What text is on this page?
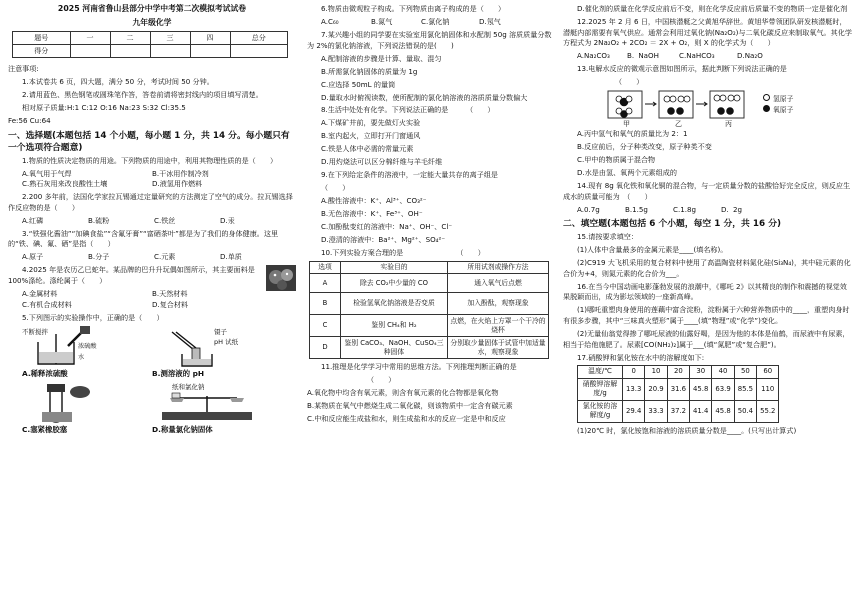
2025 河南省鲁山县部分中学中考第二次模拟考试试卷
九年级化学
题号	一	二	三	四	总分
得分					
注意事项:
1.本试卷共 6 页，四大题，满分 50 分，考试时间 50 分钟。
2.请用蓝色、黑色钢笔或圆珠笔作答，答卷前请将密封线内的项目填写清楚。
相对原子质量:H:1 C:12 O:16 Na:23 S:32 Cl:35.5
Fe:56 Cu:64
一、选择题(本题包括 14 个小题，每小题 1 分，共 14 分。每小题只有一个选项符合题意)
1.物质的性质决定物质的用途。下列物质的用途中，利用其物理性质的是（　　）
A.氧气用于气焊	B.干冰用作制冷剂
C.熟石灰用来改良酸性土壤	D.液氢用作燃料
2.200 多年前，法国化学家拉瓦锡通过定量研究的方法测定了空气的成分。拉瓦锡选择作反应物的是（　　）
A.红磷	B.硫粉	C.铁丝	D.汞
3.“铁强化酱油”“加碘食盐”“含氟牙膏”“富硒茶叶”都是为了我们的身体健康。这里的“铁、碘、氟、硒”是指（　　）
A.原子	B.分子	C.元素	D.单质
4.2025 年是农历乙巳蛇年。某品牌的巴升升玩偶如图所示，其主要面料是 100%涤纶。涤纶属于（　　）
A.金属材料	B.天然材料
C.有机合成材料	D.复合材料
5.下列图示的实验操作中，正确的是（　　）
不断搅拌
浓硫酸
水
A.稀释浓硫酸
镊子
pH 试纸
B.测溶液的 pH
C.塞紧橡胶塞
纸和氯化钠
D.称量氯化钠固体
6.物质由微观粒子构成。下列物质由离子构成的是（　　）
A.C₆₀	B.氮气	C.氯化钠	D.氖气
7.某兴趣小组的同学要在实验室用氯化钠固体和水配制 50g 溶质质量分数为 2%的氯化钠溶液，下列说法错误的是(　　)
A.配制溶液的步骤是计算、量取、混匀
B.所需氯化钠固体的质量为 1g
C.应选择 50mL 的量筒
D.量取水时俯视读数，使所配制的氯化钠溶液的溶质质量分数偏大
8.生活中处处有化学。下列说法正确的是　　　（　　）
A.下煤矿井前，要先做灯火实验
B.室内起火，立即打开门窗通风
C.铁是人体中必需的常量元素
D.用灼烧法可以区分棉纤维与羊毛纤维
9.在下列给定条件的溶液中，一定能大量共存的离子组是
（　　）
A.酸性溶液中：K⁺、Al³⁺、CO₃²⁻
B.无色溶液中：K⁺、Fe³⁺、OH⁻
C.加酚酞变红的溶液中：Na⁺、OH⁻、Cl⁻
D.澄清的溶液中：Ba²⁺、Mg²⁺、SO₄²⁻
10.下列实验方案合理的是　　　　　　　　（　　）
选项	实验目的	所用试剂或操作方法
A	除去 CO₂中少量的 CO	通入氧气后点燃
B	检验氢氧化钠溶液是否变质	加入酚酞，观察现象
C	鉴别 CH₄和 H₂	点燃，在火焰上方罩一个干冷的烧杯
D	鉴别 CaCO₃、NaOH、CuSO₄三种固体	分别取少量固体于试管中加适量水，观察现象
11.推理是化学学习中常用的思维方法。下列推理判断正确的是
（　　）
A.氧化物中均含有氧元素，则含有氧元素的化合物都是氧化物
B.某物质在氧气中燃烧生成二氧化碳，则该物质中一定含有碳元素
C.中和反应能生成盐和水，则生成盐和水的反应一定是中和反应
D.催化剂的质量在化学反应前后不变，则在化学反应前后质量不变的物质一定是催化剂
12.2025 年 2 月 6 日，中国核潜艇之父黄旭华辞世。黄旭华带领团队研发核潜艇时，潜艇内部需要有氧气供应。通常会利用过氧化钠(Na₂O₂)与二氧化碳反应来制取氧气。其化学方程式为 2Na₂O₂ + 2CO₂ ＝ 2X + O₂，则 X 的化学式为（　　）
A.Na₂CO₃	B. NaOH	C.NaHCO₃	D.Na₂O
13.电解水反应的微观示意图如图所示，据此判断下列说法正确的是
（　　）
氢原子
氧原子
甲	乙	丙
A.丙中氢气和氧气的质量比为 2：1
B.反应前后，分子种类改变，原子种类不变
C.甲中的物质属于混合物
D.水是由氢、氧两个元素组成的
14.现有 8g 氧化铁和氧化铜的混合物，与一定质量分数的盐酸恰好完全反应，则反应生成水的质量可能为　（　　）
A.0.7g	B.1.5g	C.1.8g	D. 2g
二、填空题(本题包括 6 个小题，每空 1 分，共 16 分)
15.请按要求填空：
(1)人体中含量最多的金属元素是____(填名称)。
(2)C919 大飞机采用的复合材料中使用了高温陶瓷材料氮化硅(Si₃N₄)，其中硅元素的化合价为+4，则氮元素的化合价为___。
16.在当今中国动画电影蓬勃发展的浪潮中，《哪吒 2》以其精良的制作和震撼的视觉效果脱颖而出，成为影坛领域的一座新高峰。
(1)哪吒重塑肉身使用的莲藕中富含淀粉，淀粉属于六种营养物质中的____，重塑肉身时有很多步骤，其中“三味真火塑形”属于____(填“物理”或“化学”)变化。
(2)无量仙翁觉得掺了哪吒尿液的仙露好喝，是因为他的本体是仙鹤，而尿液中有尿素，相当于给他施肥了。尿素[CO(NH₂)₂]属于___(填“氮肥”或“复合肥”)。
17.硝酸钾和氯化铵在水中的溶解度如下:
温度/℃	0	10	20	30	40	50	60
硝酸钾溶解度/g	13.3	20.9	31.6	45.8	63.9	85.5	110
氯化铵的溶解度/g	29.4	33.3	37.2	41.4	45.8	50.4	55.2
(1)20℃ 时，氯化铵饱和溶液的溶质质量分数是____。(只写出计算式)
